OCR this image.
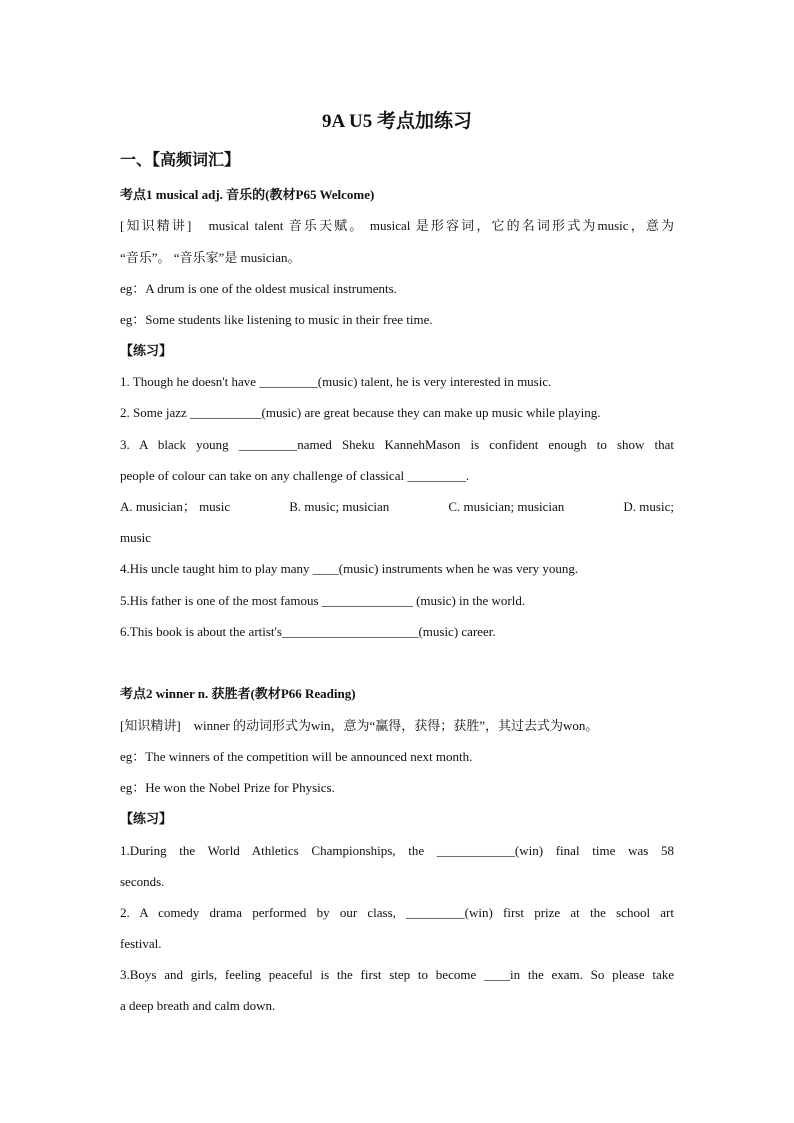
9A U5 考点加练习
一、【高频词汇】
考点1 musical adj. 音乐的(教材P65 Welcome)
[知识精讲]　musical talent 音乐天赋。 musical 是形容词，它的名词形式为music，意为
“音乐”。 “音乐家”是 musician。
eg：A drum is one of the oldest musical instruments.
eg：Some students like listening to music in their free time.
【练习】
1. Though he doesn't have _________(music) talent, he is very interested in music.
2. Some jazz ___________(music) are great because they can make up music while playing.
3. A black young _________named Sheku KannehMason is confident enough to show that
people of colour can take on any challenge of classical _________.
A. musician； music	B. music; musician	C. musician; musician	D. music;
music
4.His uncle taught him to play many ____(music) instruments when he was very young.
5.His father is one of the most famous ______________ (music) in the world.
6.This book is about the artist's_____________________(music) career.
考点2 winner n. 获胜者(教材P66 Reading)
[知识精讲]　winner 的动词形式为win，意为“赢得，获得；获胜”，其过去式为won。
eg：The winners of the competition will be announced next month.
eg：He won the Nobel Prize for Physics.
【练习】
1.During the World Athletics Championships, the ____________(win) final time was 58
seconds.
2. A comedy drama performed by our class, _________(win) first prize at the school art
festival.
3.Boys and girls, feeling peaceful is the first step to become ____in the exam. So please take
a deep breath and calm down.
